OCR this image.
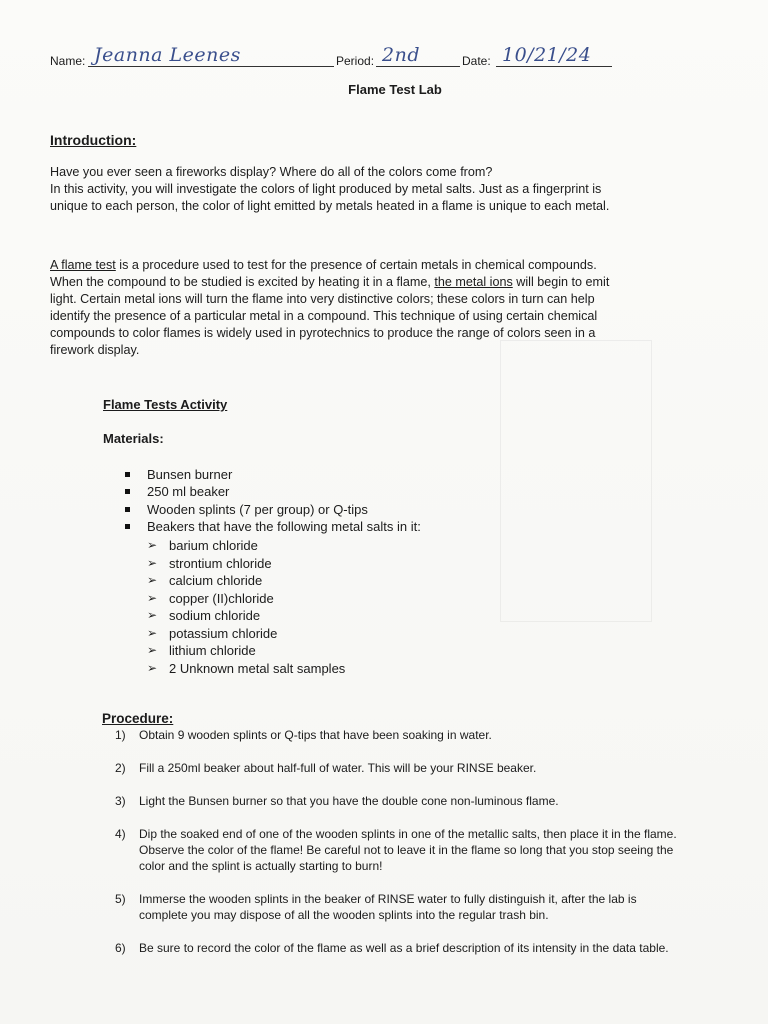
Name: Jeanna Leenes	Period: 2nd	Date: 10/21/24
Flame Test Lab
Introduction:
Have you ever seen a fireworks display? Where do all of the colors come from?
In this activity, you will investigate the colors of light produced by metal salts. Just as a fingerprint is
unique to each person, the color of light emitted by metals heated in a flame is unique to each metal.
A flame test is a procedure used to test for the presence of certain metals in chemical compounds.
When the compound to be studied is excited by heating it in a flame, the metal ions will begin to emit
light. Certain metal ions will turn the flame into very distinctive colors; these colors in turn can help
identify the presence of a particular metal in a compound. This technique of using certain chemical
compounds to color flames is widely used in pyrotechnics to produce the range of colors seen in a
firework display.
Flame Tests Activity
Materials:
Bunsen burner
250 ml beaker
Wooden splints (7 per group) or Q-tips
Beakers that have the following metal salts in it:
➢ barium chloride
➢ strontium chloride
➢ calcium chloride
➢ copper (II)chloride
➢ sodium chloride
➢ potassium chloride
➢ lithium chloride
➢ 2 Unknown metal salt samples
Procedure:
1) Obtain 9 wooden splints or Q-tips that have been soaking in water.
2) Fill a 250ml beaker about half-full of water. This will be your RINSE beaker.
3) Light the Bunsen burner so that you have the double cone non-luminous flame.
4) Dip the soaked end of one of the wooden splints in one of the metallic salts, then place it in the flame.
Observe the color of the flame! Be careful not to leave it in the flame so long that you stop seeing the
color and the splint is actually starting to burn!
5) Immerse the wooden splints in the beaker of RINSE water to fully distinguish it, after the lab is
complete you may dispose of all the wooden splints into the regular trash bin.
6) Be sure to record the color of the flame as well as a brief description of its intensity in the data table.
